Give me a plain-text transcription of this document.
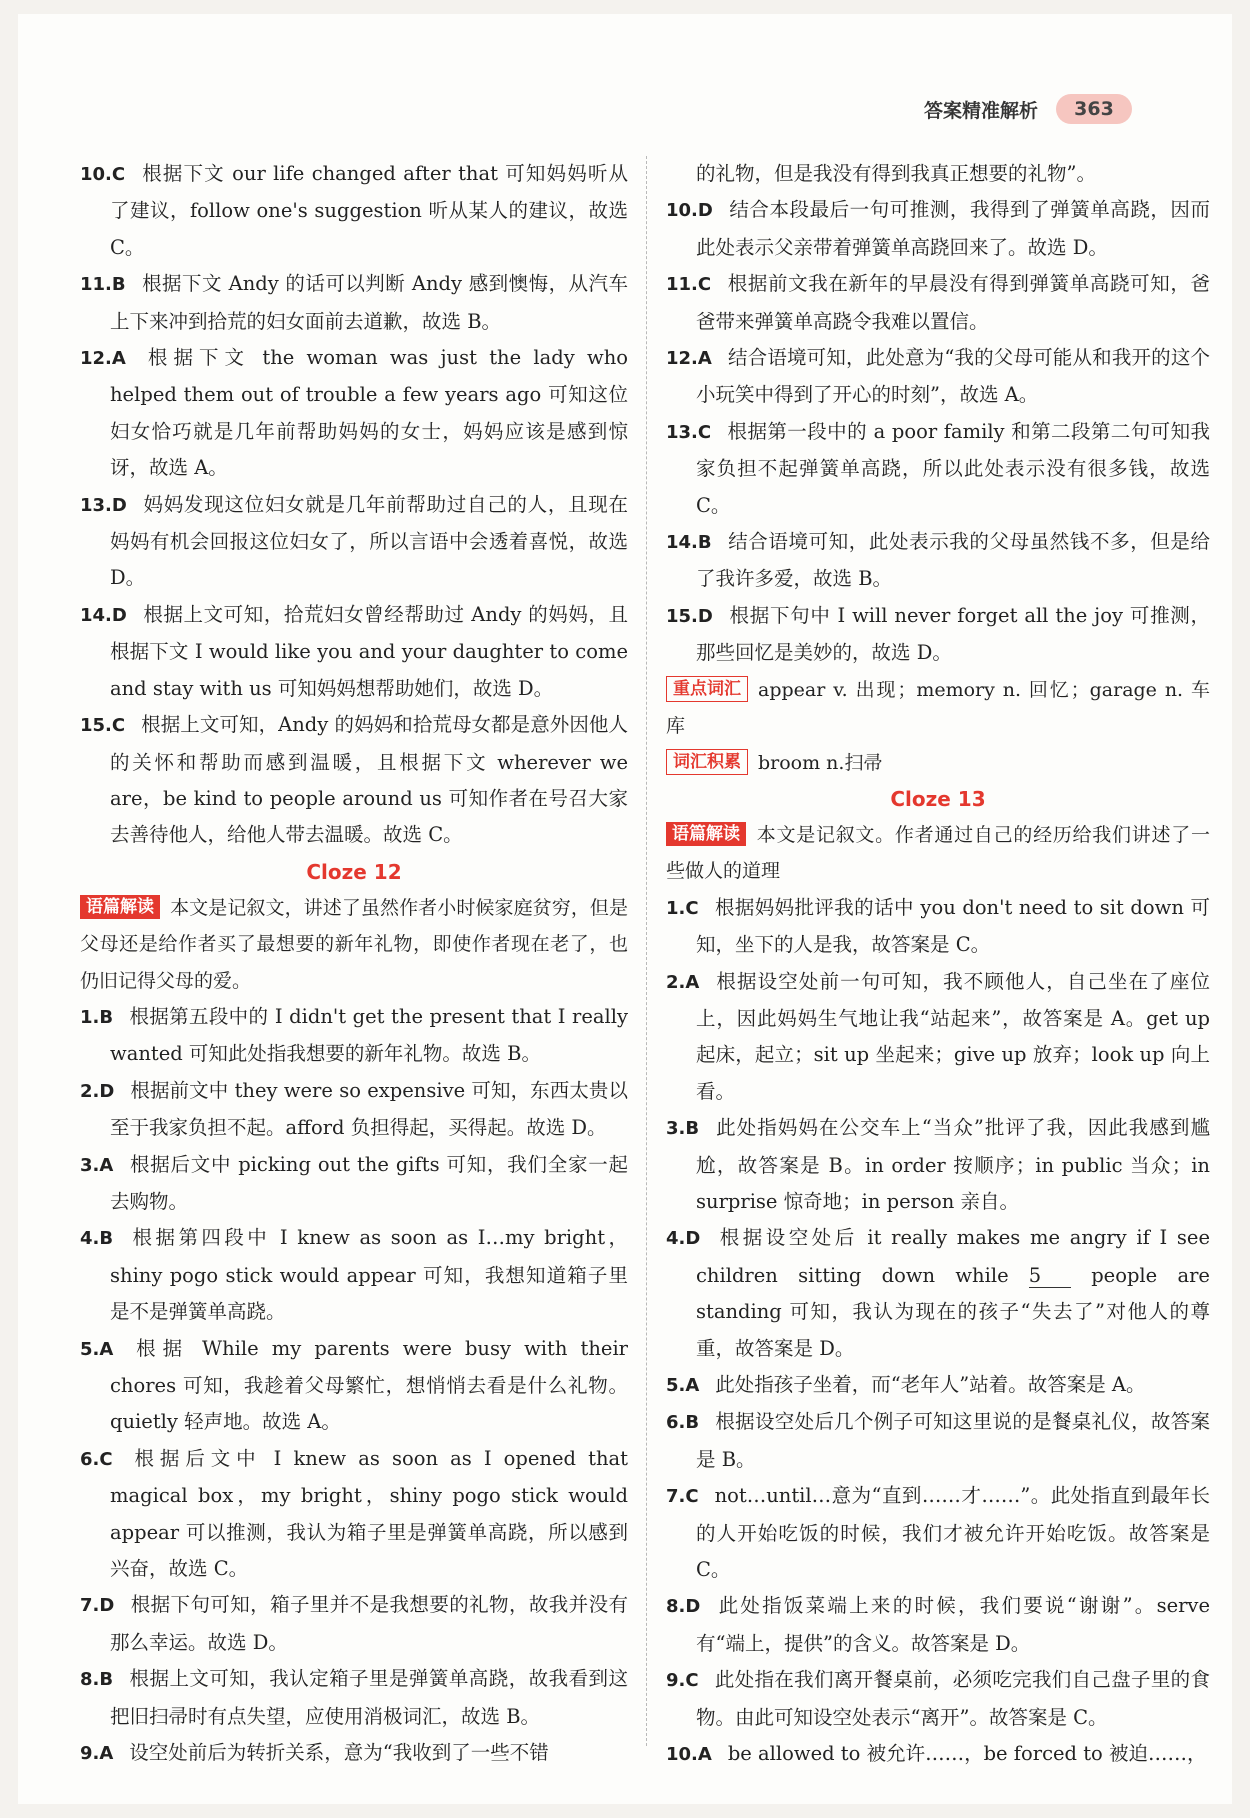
答案精准解析	363
10.C 根据下文 our life changed after that 可知妈妈听从了建议，follow one's suggestion 听从某人的建议，故选 C。
11.B 根据下文 Andy 的话可以判断 Andy 感到懊悔，从汽车上下来冲到拾荒的妇女面前去道歉，故选 B。
12.A 根据下文 the woman was just the lady who helped them out of trouble a few years ago 可知这位妇女恰巧就是几年前帮助妈妈的女士，妈妈应该是感到惊讶，故选 A。
13.D 妈妈发现这位妇女就是几年前帮助过自己的人，且现在妈妈有机会回报这位妇女了，所以言语中会透着喜悦，故选 D。
14.D 根据上文可知，拾荒妇女曾经帮助过 Andy 的妈妈，且根据下文 I would like you and your daughter to come and stay with us 可知妈妈想帮助她们，故选 D。
15.C 根据上文可知，Andy 的妈妈和拾荒母女都是意外因他人的关怀和帮助而感到温暖，且根据下文 wherever we are，be kind to people around us 可知作者在号召大家去善待他人，给他人带去温暖。故选 C。
Cloze 12
语篇解读 本文是记叙文，讲述了虽然作者小时候家庭贫穷，但是父母还是给作者买了最想要的新年礼物，即使作者现在老了，也仍旧记得父母的爱。
1.B 根据第五段中的 I didn't get the present that I really wanted 可知此处指我想要的新年礼物。故选 B。
2.D 根据前文中 they were so expensive 可知，东西太贵以至于我家负担不起。afford 负担得起，买得起。故选 D。
3.A 根据后文中 picking out the gifts 可知，我们全家一起去购物。
4.B 根据第四段中 I knew as soon as I…my bright，shiny pogo stick would appear 可知，我想知道箱子里是不是弹簧单高跷。
5.A 根据 While my parents were busy with their chores 可知，我趁着父母繁忙，想悄悄去看是什么礼物。quietly 轻声地。故选 A。
6.C 根据后文中 I knew as soon as I opened that magical box，my bright，shiny pogo stick would appear 可以推测，我认为箱子里是弹簧单高跷，所以感到兴奋，故选 C。
7.D 根据下句可知，箱子里并不是我想要的礼物，故我并没有那么幸运。故选 D。
8.B 根据上文可知，我认定箱子里是弹簧单高跷，故我看到这把旧扫帚时有点失望，应使用消极词汇，故选 B。
9.A 设空处前后为转折关系，意为“我收到了一些不错
的礼物，但是我没有得到我真正想要的礼物”。
10.D 结合本段最后一句可推测，我得到了弹簧单高跷，因而此处表示父亲带着弹簧单高跷回来了。故选 D。
11.C 根据前文我在新年的早晨没有得到弹簧单高跷可知，爸爸带来弹簧单高跷令我难以置信。
12.A 结合语境可知，此处意为“我的父母可能从和我开的这个小玩笑中得到了开心的时刻”，故选 A。
13.C 根据第一段中的 a poor family 和第二段第二句可知我家负担不起弹簧单高跷，所以此处表示没有很多钱，故选 C。
14.B 结合语境可知，此处表示我的父母虽然钱不多，但是给了我许多爱，故选 B。
15.D 根据下句中 I will never forget all the joy 可推测，那些回忆是美妙的，故选 D。
重点词汇 appear v. 出现；memory n. 回忆；garage n. 车库
词汇积累 broom n.扫帚
Cloze 13
语篇解读 本文是记叙文。作者通过自己的经历给我们讲述了一些做人的道理
1.C 根据妈妈批评我的话中 you don't need to sit down 可知，坐下的人是我，故答案是 C。
2.A 根据设空处前一句可知，我不顾他人，自己坐在了座位上，因此妈妈生气地让我“站起来”，故答案是 A。get up 起床，起立；sit up 坐起来；give up 放弃；look up 向上看。
3.B 此处指妈妈在公交车上“当众”批评了我，因此我感到尴尬，故答案是 B。in order 按顺序；in public 当众；in surprise 惊奇地；in person 亲自。
4.D 根据设空处后 it really makes me angry if I see children sitting down while 5	people are standing 可知，我认为现在的孩子“失去了”对他人的尊重，故答案是 D。
5.A 此处指孩子坐着，而“老年人”站着。故答案是 A。
6.B 根据设空处后几个例子可知这里说的是餐桌礼仪，故答案是 B。
7.C not…until…意为“直到……才……”。此处指直到最年长的人开始吃饭的时候，我们才被允许开始吃饭。故答案是 C。
8.D 此处指饭菜端上来的时候，我们要说“谢谢”。serve 有“端上，提供”的含义。故答案是 D。
9.C 此处指在我们离开餐桌前，必须吃完我们自己盘子里的食物。由此可知设空处表示“离开”。故答案是 C。
10.A be allowed to 被允许……，be forced to 被迫……，
